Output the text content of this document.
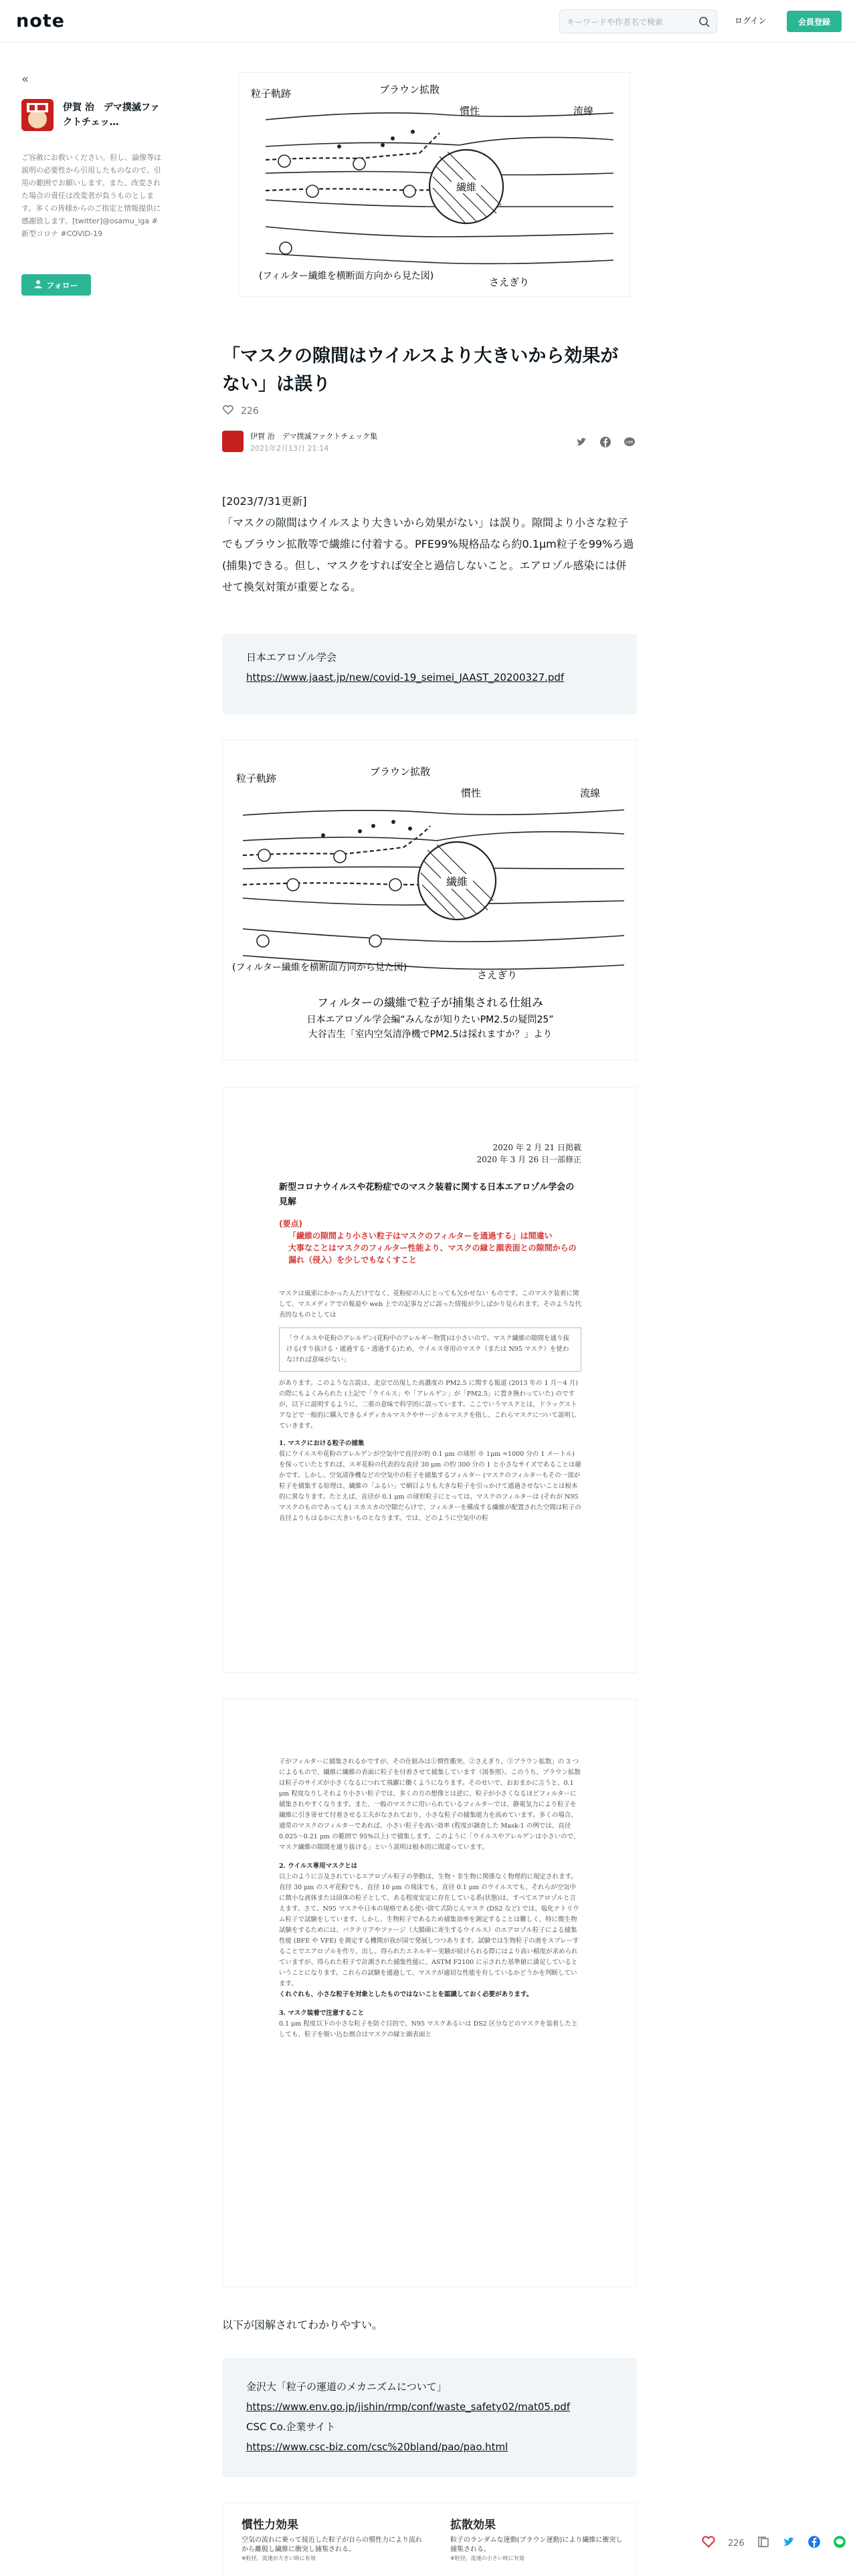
note
キーワードや作者名で検索	ログイン	会員登録
«
伊賀 治　デマ撲滅ファクトチェッ…
ご容赦にお救いください。但し、論像等は説明の必要性から引用したものなので、引用の範囲でお願いします。また、改変された場合の責任は改変者が負うものとします。多くの皆様からのご指定と情報提供に感謝致します。[twitter]@osamu_iga #新型コロナ #COVID-19
フォロー
繊維
粒子軌跡	ブラウン拡散
慣性	流線
さえぎり
(フィルター繊維を横断面方向から見た図)
「マスクの隙間はウイルスより大きいから効果がない」は誤り
226
伊賀 治　デマ撲滅ファクトチェック集
2021年2月13日 21:14
LINE

[2023/7/31更新]

「マスクの隙間はウイルスより大きいから効果がない」は誤り。隙間より小さな粒子でもブラウン拡散等で繊維に付着する。PFE99%規格品なら約0.1μm粒子を99%ろ過(捕集)できる。但し、マスクをすれば安全と過信しないこと。エアロゾル感染には併せて換気対策が重要となる。

日本エアロゾル学会

https://www.jaast.jp/new/covid-19_seimei_JAAST_20200327.pdf

繊維
粒子軌跡
ブラウン拡散
慣性	流線
さえぎり
(フィルター繊維を横断面方向から見た図)
フィルターの繊維で粒子が捕集される仕組み
日本エアロゾル学会編“みんなが知りたいPM2.5の疑問25”
大谷吉生「室内空気清浄機でPM2.5は採れますか？」より

2020 年 2 月 21 日掲載

2020 年 3 月 26 日一部修正

新型コロナウイルスや花粉症でのマスク装着に関する日本エアロゾル学会の見解

(要点)

「繊維の隙間より小さい粒子はマスクのフィルターを通過する」は間違い

大事なことはマスクのフィルター性能より、マスクの縁と顔表面との隙間からの漏れ（侵入）を少しでもなくすこと

マスクは風邪にかかった人だけでなく、花粉症の人にとっても欠かせない ものです。このマスク装着に関して、マスメディアでの報道や web 上での記事などに誤った情報が少しばかり見られます。そのような代表的なものとしては

「ウイルスや花粉のアレルゲン(花粉中のアレルギー物質)は小さいので、マスク繊維の隙間を通り抜ける(すり抜ける・通過する・透過する)ため、ウイルス専用のマスク（または N95 マスク）を使わなければ意味がない」

があります。このような言説は、北京で出現した高濃度の PM2.5 に関する報道 (2013 年の 1 月～4 月) の際にもよくみられた (上記で「ウイルス」や「アレルゲン」が「PM2.5」に置き換わっていた) のですが、以下に説明するように、二重の意味で科学的に誤っています。ここでいうマスクとは、ドラッグストアなどで一般的に購入できるメディカルマスクやサージカルマスクを指し、これらマスクについて説明していきます。

1. マスクにおける粒子の捕集

仮にウイルスや花粉のアレルゲンが空気中で直径が約 0.1 μm の球形 ※ 1μm =1000 分の 1 メートル) を保っていたとすれば、スギ花粉の代表的な直径 30 μm の約 300 分の 1 と小さなサイズであることは確かです。しかし、空気清浄機などの空気中の粒子を捕集するフィルター (マスクのフィルターもその一部が粒子を捕集する原理は、繊維の「ふるい」で網目よりも大きな粒子を引っかけて通過させないことは根本的に異なります。たとえば、直径が 0.1 μm の球形粒子にとっては、マスクのフィルターは (それが N95 マスクのものであっても) スカスカの空隙だらけで、フィルターを構成する繊維が配置された空間は粒子の直径よりもはるかに大きいものとなります。では、どのように空気中の粒

子がフィルターに捕集されるかですが、その仕組みは①慣性衝突、②さえぎり、③ブラウン拡散」の 3 つによるもので、繊維に繊維の表面に粒子を付着させて捕集しています（図参照）。このうち、ブラウン拡散は粒子のサイズが小さくなるにつれて飛躍に働くようになります。そのせいで、おおまかに言うと、0.1 μm 程度なりしそれより小さい粒子では、多くの方の想像とは逆に、粒子が小さくなるほどフィルターに捕集されやすくなります。また、一般のマスクに用いられているフィルターでは、静電気力により粒子を繊維に引き寄せて付着させる工夫がなされており、小さな粒子の捕集能力を高めています。多くの場合、通常のマスクのフィルターであれば、小さい粒子を高い効率 (程度が調査した Mask-1 の例では、直径 0.025～0.21 μm の範囲で 95%以上) で捕集します。このように「ウイルスやアレルゲンは小さいので、マスク繊維の隙間を通り抜ける」という説明は根本的に間違っています。

2. ウイルス専用マスクとは

以上のように言及されているエアロゾル粒子の挙動は、生物・非生物に関係なく物理的に規定されます。直径 30 μm のスギ花粉でも、直径 10 μm の飛沫でも、直径 0.1 μm のウイルスでも、それらが空気中に微小な液体または固体の粒子として、ある程度安定に存在している系(状態)は、すべてエアロゾルと言えます。さて、N95 マスクや日本の規格である使い捨て式防じんマスク (DS2 など) では、塩化ナトリウム粒子で試験をしています。しかし、生物粒子であるため捕集効率を測定することは難しく、特に微生物試験をするためには、バクテリアやファージ（大腸菌に寄生するウイルス）のエアロゾル粒子による捕集性能 (BFE や VFE) を測定する機関が我が国で発展しつつあります。試験では生物粒子の液をスプレーすることでエアロゾルを作り、出し、得られたエネルギー実験が続けられる際にはより高い精度が求められていますが、得られた粒子で計測された捕集性能に、ASTM F2100 に示された基準値に満足しているということになります。これらの試験を通過して、マスクが適切な性能を有しているかどうかを判断しています。

くれぐれも、小さな粒子を対象としたものではないことを認識しておく必要があります。

3. マスク装着で注意すること

0.1 μm 程度以下の小さな粒子を防ぐ目的で、N95 マスクあるいは DS2 区分などのマスクを装着したとしても、粒子を吸い込む割合はマスクの縁と顔表面と

以下が図解されてわかりやすい。

金沢大「粒子の運道のメカニズムについて」

https://www.env.go.jp/jishin/rmp/conf/waste_safety02/mat05.pdf

CSC Co.企業サイト

https://www.csc-biz.com/csc%20bland/pao/pao.html

慣性力効果

空気の流れに乗って接近した粒子が自らの慣性力により流れから離脱し繊維に衝突し捕集される。

※粒径、流速が大きい時に有効

拡散効果

粒子のランダムな運動(ブラウン運動)により繊維に衝突し捕集される。

※粒径、流速の小さい時に有効

226
